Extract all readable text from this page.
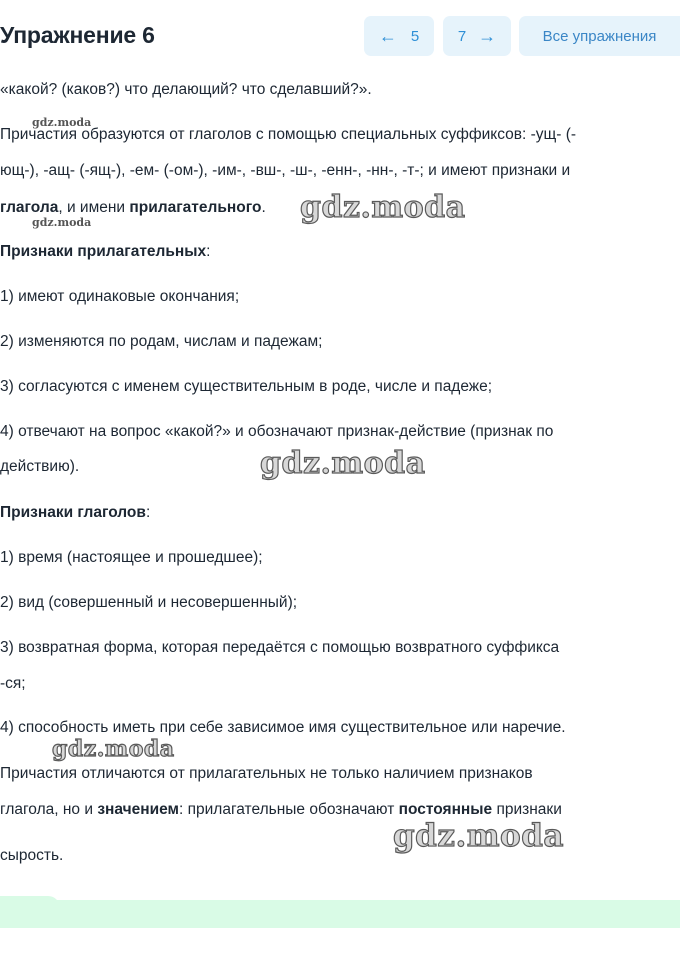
Упражнение 6	← 5	7 →	Все упражнения
«какой? (каков?) что делающий? что сделавший?».
Причастия образуются от глаголов с помощью специальных суффиксов: -ущ- (-
ющ-), -ащ- (-ящ-), -ем- (-ом-), -им-, -вш-, -ш-, -енн-, -нн-, -т-; и имеют признаки и
глагола, и имени прилагательного.
Признаки прилагательных:
1) имеют одинаковые окончания;
2) изменяются по родам, числам и падежам;
3) согласуются с именем существительным в роде, числе и падеже;
4) отвечают на вопрос «какой?» и обозначают признак-действие (признак по
действию).
Признаки глаголов:
1) время (настоящее и прошедшее);
2) вид (совершенный и несовершенный);
3) возвратная форма, которая передаётся с помощью возвратного суффикса
-ся;
4) способность иметь при себе зависимое имя существительное или наречие.
Причастия отличаются от прилагательных не только наличием признаков
глагола, но и значением: прилагательные обозначают постоянные признаки
сырость.
gdz.moda
gdz.moda	gdz.moda
gdz.moda
gdz.moda
gdz.moda
